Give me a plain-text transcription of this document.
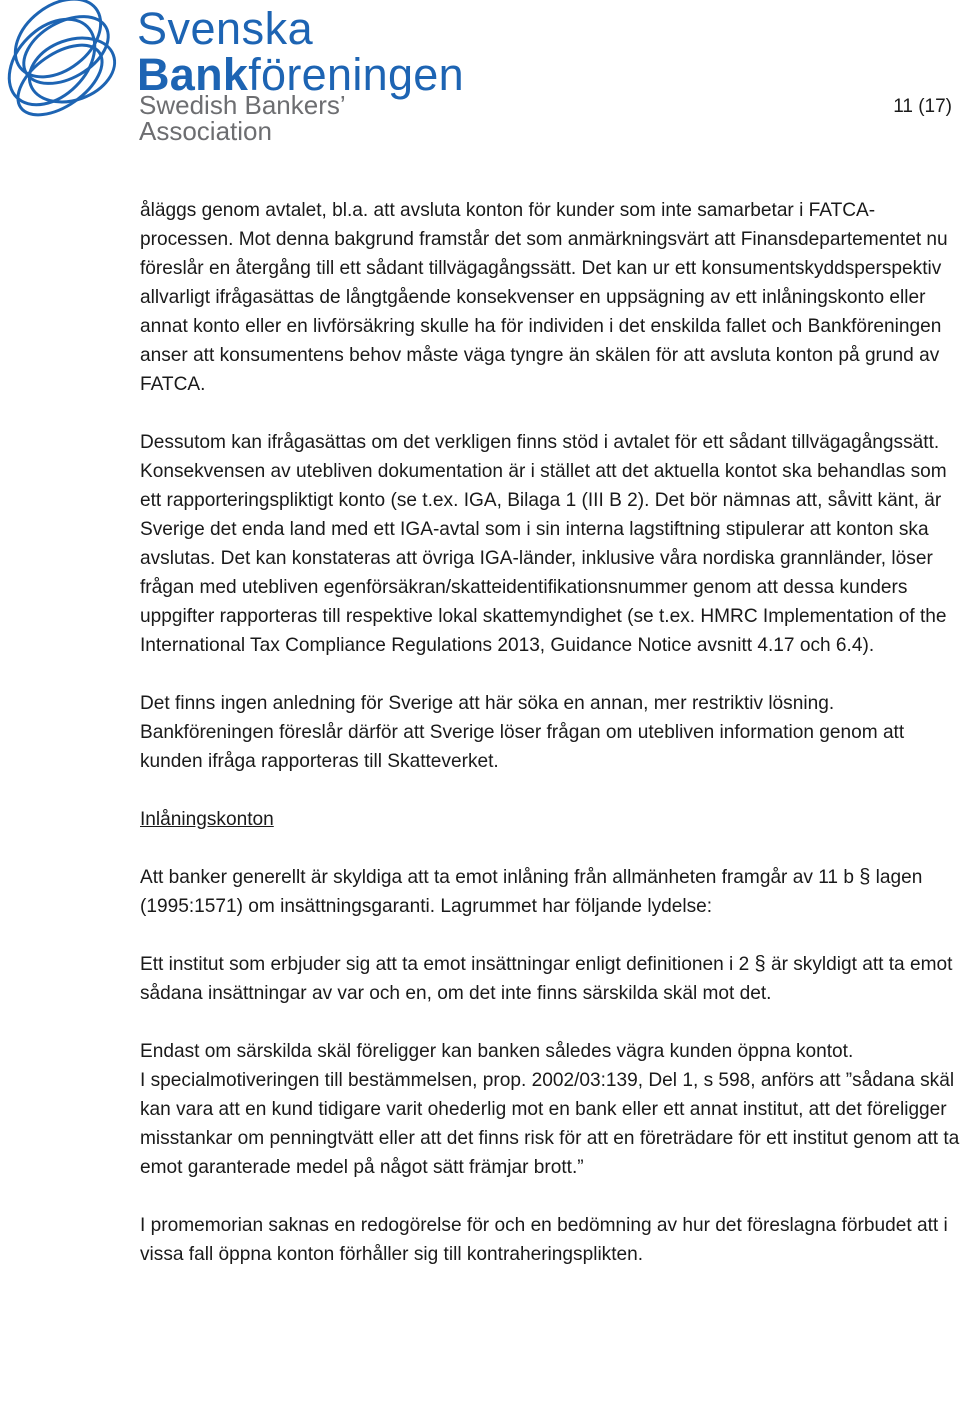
Svenska
Bankföreningen
Swedish Bankers’ Association
11 (17)

åläggs genom avtalet, bl.a. att avsluta konton för kunder som inte samarbetar i FATCA-processen. Mot denna bakgrund framstår det som anmärkningsvärt att Finansdepartementet nu föreslår en återgång till ett sådant tillvägagångssätt. Det kan ur ett konsumentskyddsperspektiv allvarligt ifrågasättas de långtgående konsekvenser en uppsägning av ett inlåningskonto eller annat konto eller en livförsäkring skulle ha för individen i det enskilda fallet och Bankföreningen anser att konsumentens behov måste väga tyngre än skälen för att avsluta konton på grund av FATCA.

Dessutom kan ifrågasättas om det verkligen finns stöd i avtalet för ett sådant tillvägagångssätt. Konsekvensen av utebliven dokumentation är i stället att det aktuella kontot ska behandlas som ett rapporteringspliktigt konto (se t.ex. IGA, Bilaga 1 (III B 2). Det bör nämnas att, såvitt känt, är Sverige det enda land med ett IGA-avtal som i sin interna lagstiftning stipulerar att konton ska avslutas. Det kan konstateras att övriga IGA-länder, inklusive våra nordiska grannländer, löser frågan med utebliven egenförsäkran/skatteidentifikationsnummer genom att dessa kunders uppgifter rapporteras till respektive lokal skattemyndighet (se t.ex. HMRC Implementation of the International Tax Compliance Regulations 2013, Guidance Notice avsnitt 4.17 och 6.4).

Det finns ingen anledning för Sverige att här söka en annan, mer restriktiv lösning. Bankföreningen föreslår därför att Sverige löser frågan om utebliven information genom att kunden ifråga rapporteras till Skatteverket.

Inlåningskonton

Att banker generellt är skyldiga att ta emot inlåning från allmänheten framgår av 11 b § lagen (1995:1571) om insättningsgaranti. Lagrummet har följande lydelse:

Ett institut som erbjuder sig att ta emot insättningar enligt definitionen i 2 § är skyldigt att ta emot sådana insättningar av var och en, om det inte finns särskilda skäl mot det.

Endast om särskilda skäl föreligger kan banken således vägra kunden öppna kontot.
I specialmotiveringen till bestämmelsen, prop. 2002/03:139, Del 1, s 598, anförs att ”sådana skäl kan vara att en kund tidigare varit ohederlig mot en bank eller ett annat institut, att det föreligger misstankar om penningtvätt eller att det finns risk för att en företrädare för ett institut genom att ta emot garanterade medel på något sätt främjar brott.”

I promemorian saknas en redogörelse för och en bedömning av hur det föreslagna förbudet att i vissa fall öppna konton förhåller sig till kontraheringsplikten.
